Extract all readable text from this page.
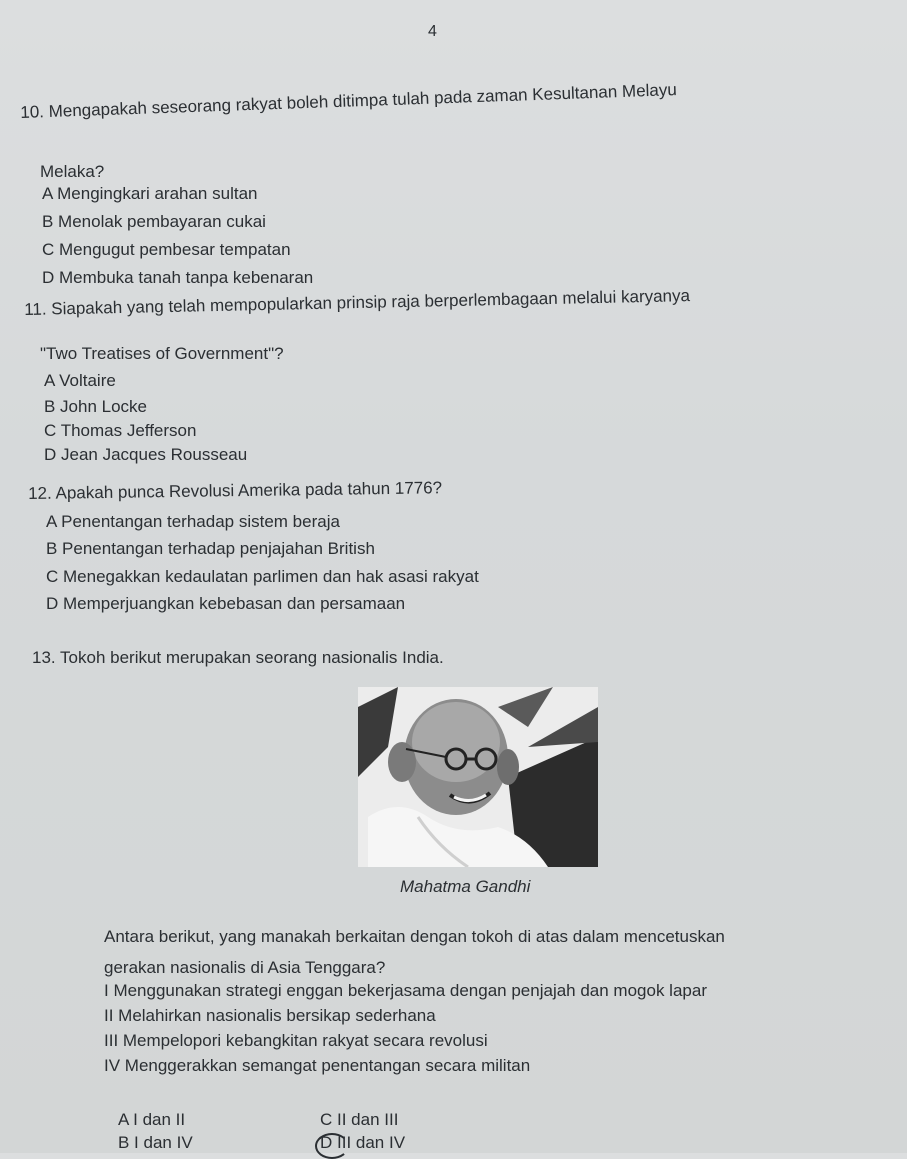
4
10. Mengapakah seseorang rakyat boleh ditimpa tulah pada zaman Kesultanan Melayu
Melaka?
A Mengingkari arahan sultan
B Menolak pembayaran cukai
C Mengugut pembesar tempatan
D Membuka tanah tanpa kebenaran
11. Siapakah yang telah mempopularkan prinsip raja berperlembagaan melalui karyanya
"Two Treatises of Government"?
A Voltaire
B John Locke
C Thomas Jefferson
D Jean Jacques Rousseau
12. Apakah punca Revolusi Amerika pada tahun 1776?
A Penentangan terhadap sistem beraja
B Penentangan terhadap penjajahan British
C Menegakkan kedaulatan parlimen dan hak asasi rakyat
D Memperjuangkan kebebasan dan persamaan
13. Tokoh berikut merupakan seorang nasionalis India.
Mahatma Gandhi
Antara berikut, yang manakah berkaitan dengan tokoh di atas dalam mencetuskan
gerakan nasionalis di Asia Tenggara?
I Menggunakan strategi enggan bekerjasama dengan penjajah dan mogok lapar
II Melahirkan nasionalis bersikap sederhana
III Mempelopori kebangkitan rakyat secara revolusi
IV Menggerakkan semangat penentangan secara militan
A I dan II	C II dan III
B I dan IV	D III dan IV
